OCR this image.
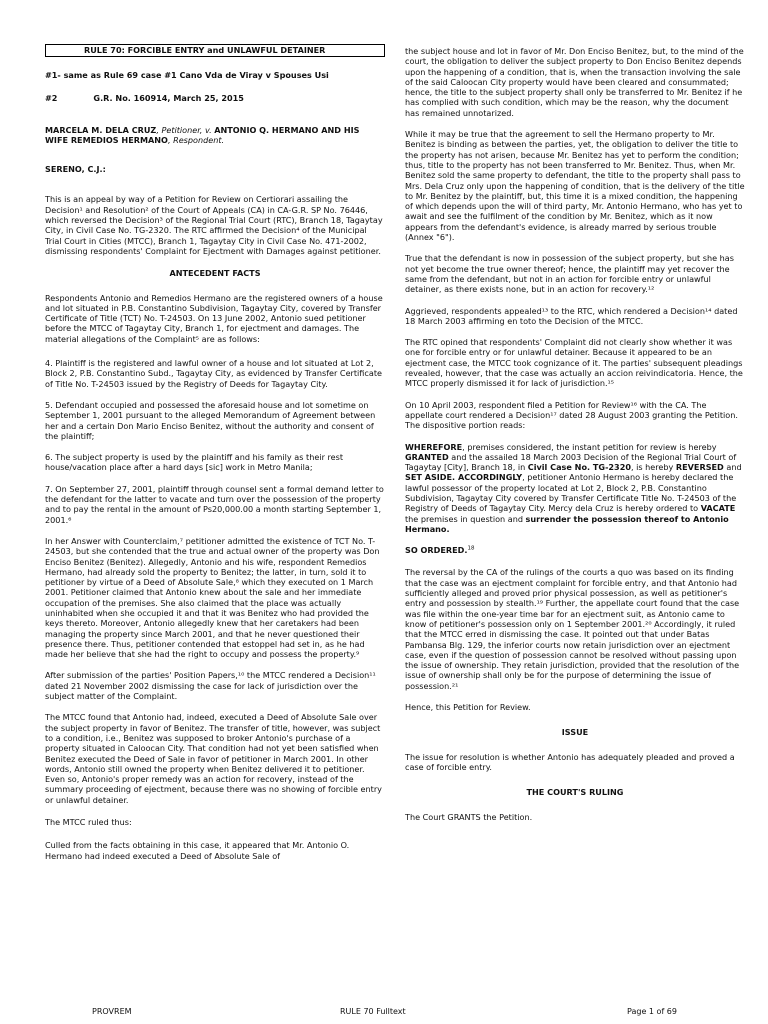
RULE 70: FORCIBLE ENTRY and UNLAWFUL DETAINER

#1- same as Rule 69 case #1 Cano Vda de Viray v Spouses Usi

#2	G.R. No. 160914, March 25, 2015

MARCELA M. DELA CRUZ, Petitioner, v. ANTONIO Q. HERMANO AND HIS WIFE REMEDIOS HERMANO, Respondent.

SERENO, C.J.:

This is an appeal by way of a Petition for Review on Certiorari assailing the Decision¹ and Resolution² of the Court of Appeals (CA) in CA-G.R. SP No. 76446, which reversed the Decision³ of the Regional Trial Court (RTC), Branch 18, Tagaytay City, in Civil Case No. TG-2320. The RTC affirmed the Decision⁴ of the Municipal Trial Court in Cities (MTCC), Branch 1, Tagaytay City in Civil Case No. 471-2002, dismissing respondents' Complaint for Ejectment with Damages against petitioner.

ANTECEDENT FACTS

Respondents Antonio and Remedios Hermano are the registered owners of a house and lot situated in P.B. Constantino Subdivision, Tagaytay City, covered by Transfer Certificate of Title (TCT) No. T-24503. On 13 June 2002, Antonio sued petitioner before the MTCC of Tagaytay City, Branch 1, for ejectment and damages. The material allegations of the Complaint⁵ are as follows:

4. Plaintiff is the registered and lawful owner of a house and lot situated at Lot 2, Block 2, P.B. Constantino Subd., Tagaytay City, as evidenced by Transfer Certificate of Title No. T-24503 issued by the Registry of Deeds for Tagaytay City.

5. Defendant occupied and possessed the aforesaid house and lot sometime on September 1, 2001 pursuant to the alleged Memorandum of Agreement between her and a certain Don Mario Enciso Benitez, without the authority and consent of the plaintiff;

6. The subject property is used by the plaintiff and his family as their rest house/vacation place after a hard days [sic] work in Metro Manila;

7. On September 27, 2001, plaintiff through counsel sent a formal demand letter to the defendant for the latter to vacate and turn over the possession of the property and to pay the rental in the amount of Ps20,000.00 a month starting September 1, 2001.⁶

In her Answer with Counterclaim,⁷ petitioner admitted the existence of TCT No. T-24503, but she contended that the true and actual owner of the property was Don Enciso Benitez (Benitez). Allegedly, Antonio and his wife, respondent Remedios Hermano, had already sold the property to Benitez; the latter, in turn, sold it to petitioner by virtue of a Deed of Absolute Sale,⁸ which they executed on 1 March 2001. Petitioner claimed that Antonio knew about the sale and her immediate occupation of the premises. She also claimed that the place was actually uninhabited when she occupied it and that it was Benitez who had provided the keys thereto. Moreover, Antonio allegedly knew that her caretakers had been managing the property since March 2001, and that he never questioned their presence there. Thus, petitioner contended that estoppel had set in, as he had made her believe that she had the right to occupy and possess the property.⁹

After submission of the parties' Position Papers,¹⁰ the MTCC rendered a Decision¹¹ dated 21 November 2002 dismissing the case for lack of jurisdiction over the subject matter of the Complaint.

The MTCC found that Antonio had, indeed, executed a Deed of Absolute Sale over the subject property in favor of Benitez. The transfer of title, however, was subject to a condition, i.e., Benitez was supposed to broker Antonio's purchase of a property situated in Caloocan City. That condition had not yet been satisfied when Benitez executed the Deed of Sale in favor of petitioner in March 2001. In other words, Antonio still owned the property when Benitez delivered it to petitioner. Even so, Antonio's proper remedy was an action for recovery, instead of the summary proceeding of ejectment, because there was no showing of forcible entry or unlawful detainer.

The MTCC ruled thus:

Culled from the facts obtaining in this case, it appeared that Mr. Antonio O. Hermano had indeed executed a Deed of Absolute Sale of

the subject house and lot in favor of Mr. Don Enciso Benitez, but, to the mind of the court, the obligation to deliver the subject property to Don Enciso Benitez depends upon the happening of a condition, that is, when the transaction involving the sale of the said Caloocan City property would have been cleared and consummated; hence, the title to the subject property shall only be transferred to Mr. Benitez if he has complied with such condition, which may be the reason, why the document has remained unnotarized.

While it may be true that the agreement to sell the Hermano property to Mr. Benitez is binding as between the parties, yet, the obligation to deliver the title to the property has not arisen, because Mr. Benitez has yet to perform the condition; thus, title to the property has not been transferred to Mr. Benitez. Thus, when Mr. Benitez sold the same property to defendant, the title to the property shall pass to Mrs. Dela Cruz only upon the happening of condition, that is the delivery of the title to Mr. Benitez by the plaintiff, but, this time it is a mixed condition, the happening of which depends upon the will of third party, Mr. Antonio Hermano, who has yet to await and see the fulfilment of the condition by Mr. Benitez, which as it now appears from the defendant's evidence, is already marred by serious trouble (Annex "6").

True that the defendant is now in possession of the subject property, but she has not yet become the true owner thereof; hence, the plaintiff may yet recover the same from the defendant, but not in an action for forcible entry or unlawful detainer, as there exists none, but in an action for recovery.¹²

Aggrieved, respondents appealed¹³ to the RTC, which rendered a Decision¹⁴ dated 18 March 2003 affirming en toto the Decision of the MTCC.

The RTC opined that respondents' Complaint did not clearly show whether it was one for forcible entry or for unlawful detainer. Because it appeared to be an ejectment case, the MTCC took cognizance of it. The parties' subsequent pleadings revealed, however, that the case was actually an accion reivindicatoria. Hence, the MTCC properly dismissed it for lack of jurisdiction.¹⁵

On 10 April 2003, respondent filed a Petition for Review¹⁶ with the CA. The appellate court rendered a Decision¹⁷ dated 28 August 2003 granting the Petition. The dispositive portion reads:

WHEREFORE, premises considered, the instant petition for review is hereby GRANTED and the assailed 18 March 2003 Decision of the Regional Trial Court of Tagaytay [City], Branch 18, in Civil Case No. TG-2320, is hereby REVERSED and SET ASIDE. ACCORDINGLY, petitioner Antonio Hermano is hereby declared the lawful possessor of the property located at Lot 2, Block 2, P.B. Constantino Subdivision, Tagaytay City covered by Transfer Certificate Title No. T-24503 of the Registry of Deeds of Tagaytay City. Mercy dela Cruz is hereby ordered to VACATE the premises in question and surrender the possession thereof to Antonio Hermano.

SO ORDERED.$^{18}$

The reversal by the CA of the rulings of the courts a quo was based on its finding that the case was an ejectment complaint for forcible entry, and that Antonio had sufficiently alleged and proved prior physical possession, as well as petitioner's entry and possession by stealth.¹⁹ Further, the appellate court found that the case was file within the one-year time bar for an ejectment suit, as Antonio came to know of petitioner's possession only on 1 September 2001.²⁰ Accordingly, it ruled that the MTCC erred in dismissing the case. It pointed out that under Batas Pambansa Blg. 129, the inferior courts now retain jurisdiction over an ejectment case, even if the question of possession cannot be resolved without passing upon the issue of ownership. They retain jurisdiction, provided that the resolution of the issue of ownership shall only be for the purpose of determining the issue of possession.²¹

Hence, this Petition for Review.

ISSUE

The issue for resolution is whether Antonio has adequately pleaded and proved a case of forcible entry.

THE COURT'S RULING

The Court GRANTS the Petition.

PROVREM	RULE 70 Fulltext	Page 1 of 69
